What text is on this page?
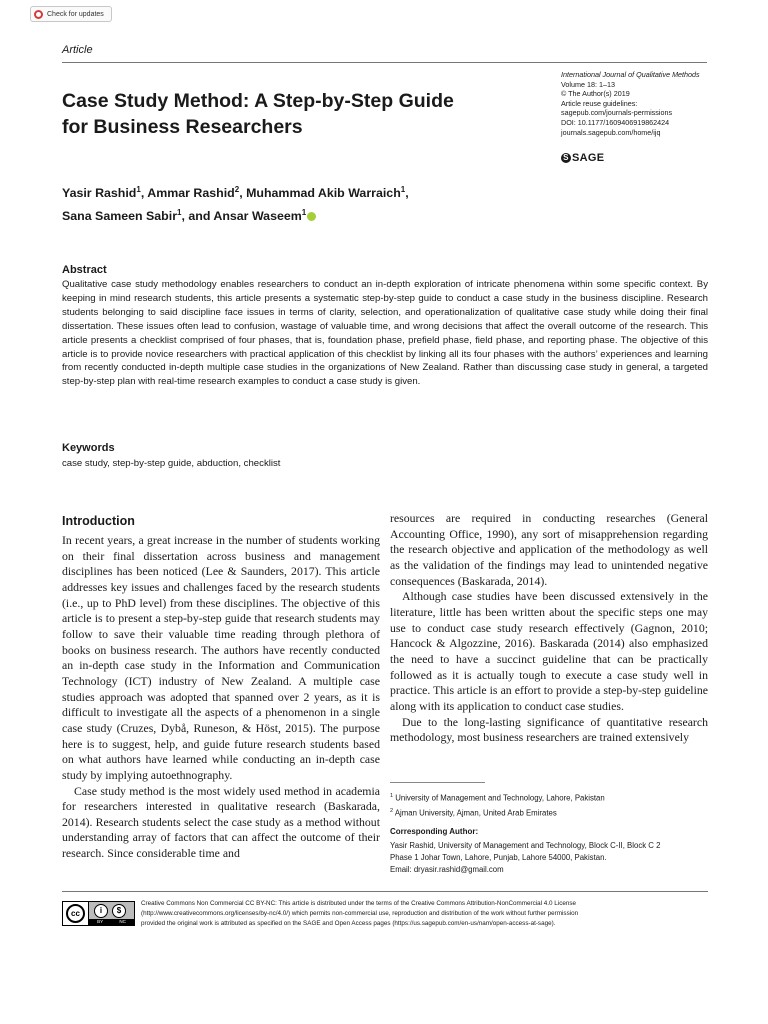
Check for updates
Article
Case Study Method: A Step-by-Step Guide
for Business Researchers
International Journal of Qualitative Methods
Volume 18: 1–13
© The Author(s) 2019
Article reuse guidelines:
sagepub.com/journals-permissions
DOI: 10.1177/1609406919862424
journals.sagepub.com/home/ijq
S SAGE
Yasir Rashid$^1$, Ammar Rashid$^2$, Muhammad Akib Warraich$^1$,
Sana Sameen Sabir$^1$, and Ansar Waseem$^1$
Abstract

Qualitative case study methodology enables researchers to conduct an in-depth exploration of intricate phenomena within some specific context. By keeping in mind research students, this article presents a systematic step-by-step guide to conduct a case study in the business discipline. Research students belonging to said discipline face issues in terms of clarity, selection, and operationalization of qualitative case study while doing their final dissertation. These issues often lead to confusion, wastage of valuable time, and wrong decisions that affect the overall outcome of the research. This article presents a checklist comprised of four phases, that is, foundation phase, prefield phase, field phase, and reporting phase. The objective of this article is to provide novice researchers with practical application of this checklist by linking all its four phases with the authors’ experiences and learning from recently conducted in-depth multiple case studies in the organizations of New Zealand. Rather than discussing case study in general, a targeted step-by-step plan with real-time research examples to conduct a case study is given.

Keywords
case study, step-by-step guide, abduction, checklist
Introduction

In recent years, a great increase in the number of students working on their final dissertation across business and management disciplines has been noticed (Lee & Saunders, 2017). This article addresses key issues and challenges faced by the research students (i.e., up to PhD level) from these disciplines. The objective of this article is to present a step-by-step guide that research students may follow to save their valuable time reading through plethora of books on business research. The authors have recently conducted an in-depth case study in the Information and Communication Technology (ICT) industry of New Zealand. A multiple case studies approach was adopted that spanned over 2 years, as it is difficult to investigate all the aspects of a phenomenon in a single case study (Cruzes, Dybå, Runeson, & Höst, 2015). The purpose here is to suggest, help, and guide future research students based on what authors have learned while conducting an in-depth case study by implying autoethnography.

Case study method is the most widely used method in academia for researchers interested in qualitative research (Baskarada, 2014). Research students select the case study as a method without understanding array of factors that can affect the outcome of their research. Since considerable time and

resources are required in conducting researches (General Accounting Office, 1990), any sort of misapprehension regarding the research objective and application of the methodology as well as the validation of the findings may lead to unintended negative consequences (Baskarada, 2014).

Although case studies have been discussed extensively in the literature, little has been written about the specific steps one may use to conduct case study research effectively (Gagnon, 2010; Hancock & Algozzine, 2016). Baskarada (2014) also emphasized the need to have a succinct guideline that can be practically followed as it is actually tough to execute a case study well in practice. This article is an effort to provide a step-by-step guideline along with its application to conduct case studies.

Due to the long-lasting significance of quantitative research methodology, most business researchers are trained extensively

$^1$ University of Management and Technology, Lahore, Pakistan
$^2$ Ajman University, Ajman, United Arab Emirates
Corresponding Author:
Yasir Rashid, University of Management and Technology, Block C-II, Block C 2
Phase 1 Johar Town, Lahore, Punjab, Lahore 54000, Pakistan.
Email: dryasir.rashid@gmail.com
cc	i	$
BY	NC
Creative Commons Non Commercial CC BY-NC: This article is distributed under the terms of the Creative Commons Attribution-NonCommercial 4.0 License
(http://www.creativecommons.org/licenses/by-nc/4.0/) which permits non-commercial use, reproduction and distribution of the work without further permission
provided the original work is attributed as specified on the SAGE and Open Access pages (https://us.sagepub.com/en-us/nam/open-access-at-sage).
